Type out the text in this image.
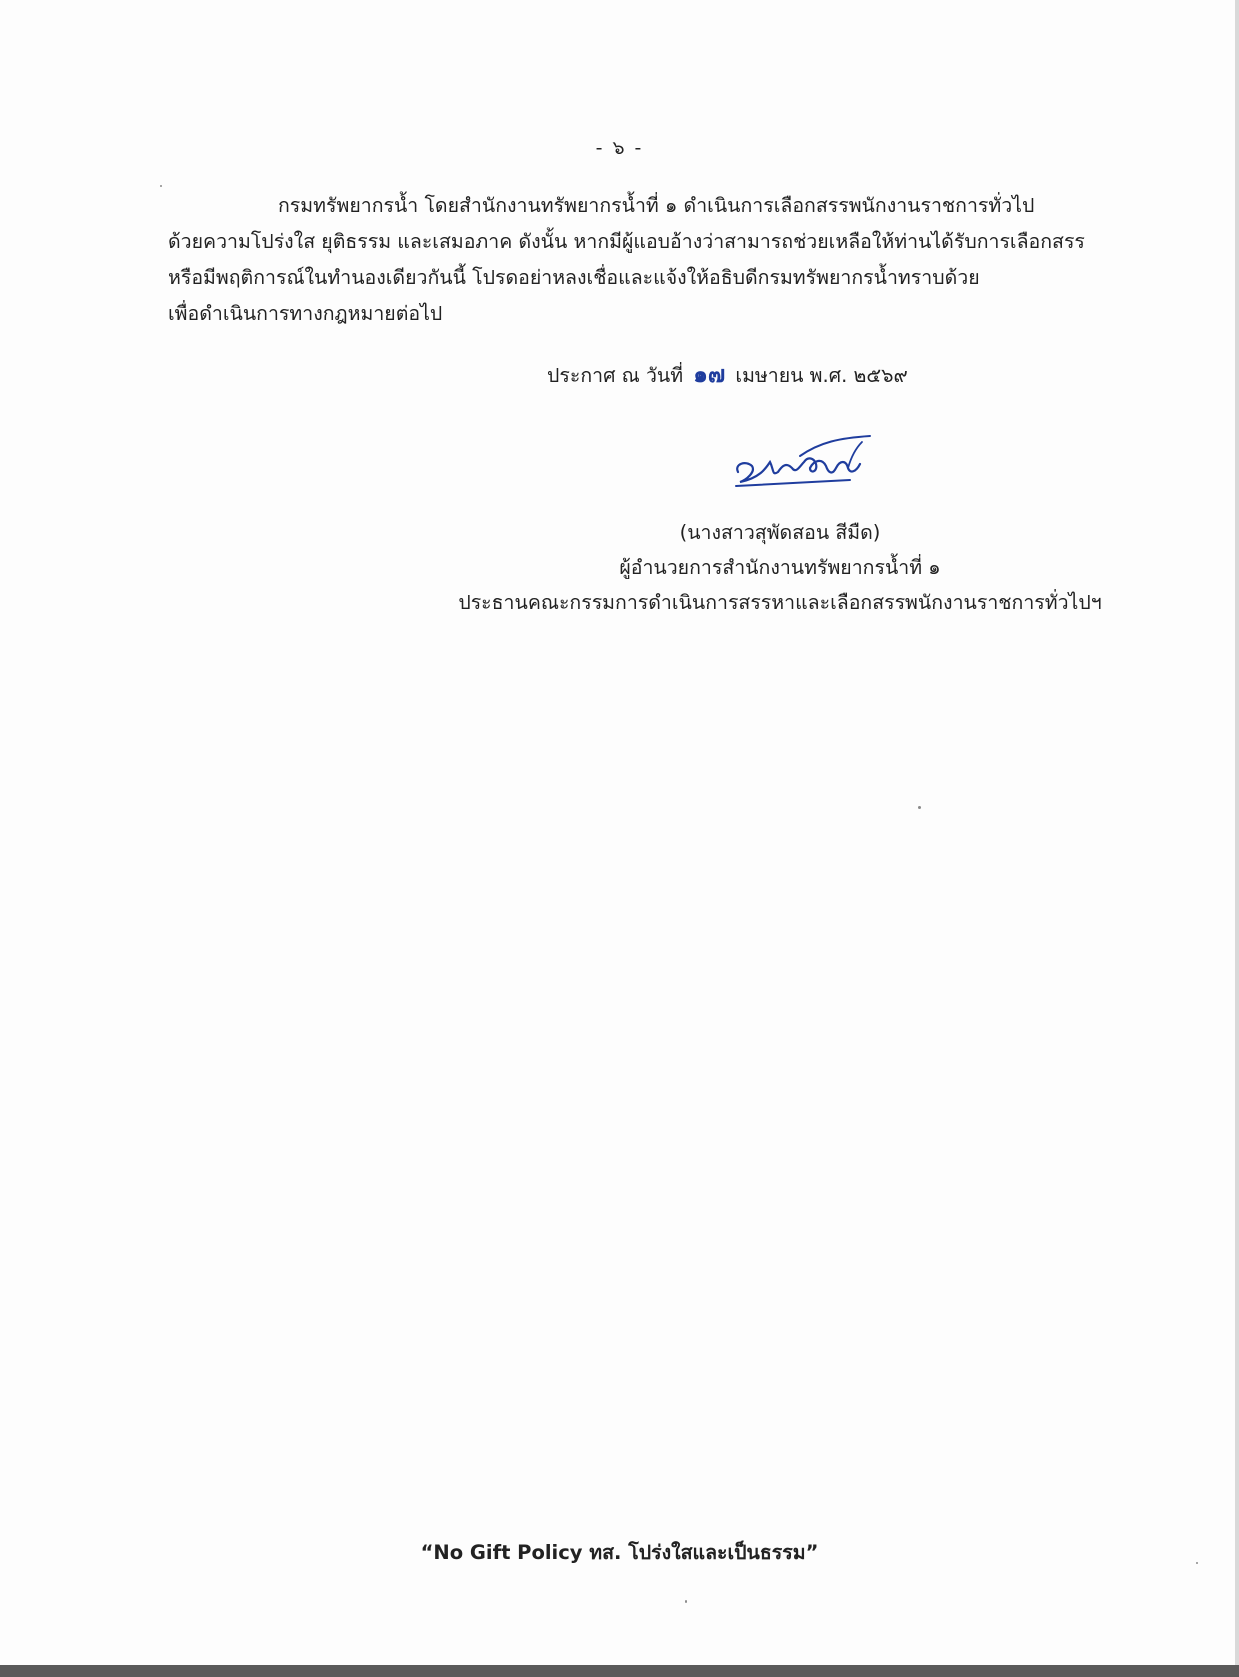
- ๖ -
กรมทรัพยากรน้ำ โดยสำนักงานทรัพยากรน้ำที่ ๑ ดำเนินการเลือกสรรพนักงานราชการทั่วไป
ด้วยความโปร่งใส ยุติธรรม และเสมอภาค ดังนั้น หากมีผู้แอบอ้างว่าสามารถช่วยเหลือให้ท่านได้รับการเลือกสรร
หรือมีพฤติการณ์ในทำนองเดียวกันนี้ โปรดอย่าหลงเชื่อและแจ้งให้อธิบดีกรมทรัพยากรน้ำทราบด้วย
เพื่อดำเนินการทางกฎหมายต่อไป
ประกาศ ณ วันที่ ๑๗ เมษายน พ.ศ. ๒๕๖๙
(นางสาวสุพัดสอน สีมืด)
ผู้อำนวยการสำนักงานทรัพยากรน้ำที่ ๑
ประธานคณะกรรมการดำเนินการสรรหาและเลือกสรรพนักงานราชการทั่วไปฯ
“No Gift Policy ทส. โปร่งใสและเป็นธรรม”
